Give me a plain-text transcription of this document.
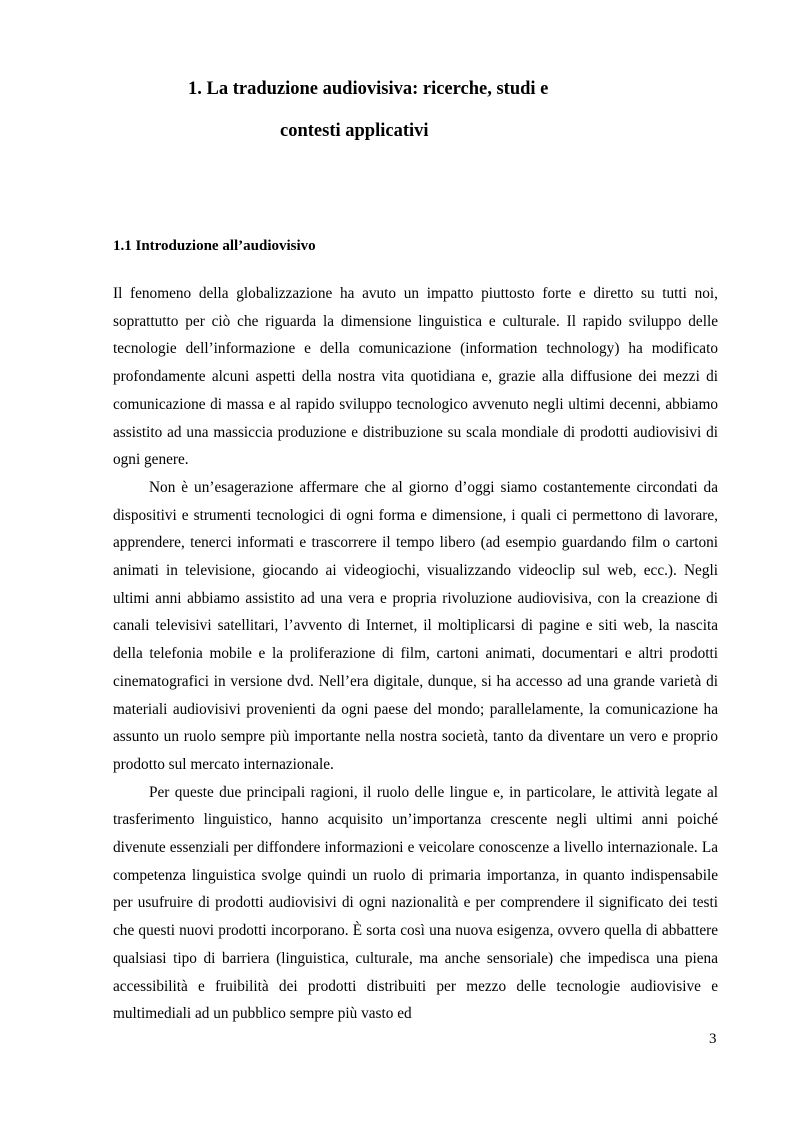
1. La traduzione audiovisiva: ricerche, studi e
contesti applicativi
1.1 Introduzione all’audiovisivo

Il fenomeno della globalizzazione ha avuto un impatto piuttosto forte e diretto su tutti noi, soprattutto per ciò che riguarda la dimensione linguistica e culturale. Il rapido sviluppo delle tecnologie dell’informazione e della comunicazione (information technology) ha modificato profondamente alcuni aspetti della nostra vita quotidiana e, grazie alla diffusione dei mezzi di comunicazione di massa e al rapido sviluppo tecnologico avvenuto negli ultimi decenni, abbiamo assistito ad una massiccia produzione e distribuzione su scala mondiale di prodotti audiovisivi di ogni genere.

Non è un’esagerazione affermare che al giorno d’oggi siamo costantemente circondati da dispositivi e strumenti tecnologici di ogni forma e dimensione, i quali ci permettono di lavorare, apprendere, tenerci informati e trascorrere il tempo libero (ad esempio guardando film o cartoni animati in televisione, giocando ai videogiochi, visualizzando videoclip sul web, ecc.). Negli ultimi anni abbiamo assistito ad una vera e propria rivoluzione audiovisiva, con la creazione di canali televisivi satellitari, l’avvento di Internet, il moltiplicarsi di pagine e siti web, la nascita della telefonia mobile e la proliferazione di film, cartoni animati, documentari e altri prodotti cinematografici in versione dvd. Nell’era digitale, dunque, si ha accesso ad una grande varietà di materiali audiovisivi provenienti da ogni paese del mondo; parallelamente, la comunicazione ha assunto un ruolo sempre più importante nella nostra società, tanto da diventare un vero e proprio prodotto sul mercato internazionale.

Per queste due principali ragioni, il ruolo delle lingue e, in particolare, le attività legate al trasferimento linguistico, hanno acquisito un’importanza crescente negli ultimi anni poiché divenute essenziali per diffondere informazioni e veicolare conoscenze a livello internazionale. La competenza linguistica svolge quindi un ruolo di primaria importanza, in quanto indispensabile per usufruire di prodotti audiovisivi di ogni nazionalità e per comprendere il significato dei testi che questi nuovi prodotti incorporano. È sorta così una nuova esigenza, ovvero quella di abbattere qualsiasi tipo di barriera (linguistica, culturale, ma anche sensoriale) che impedisca una piena accessibilità e fruibilità dei prodotti distribuiti per mezzo delle tecnologie audiovisive e multimediali ad un pubblico sempre più vasto ed

3
